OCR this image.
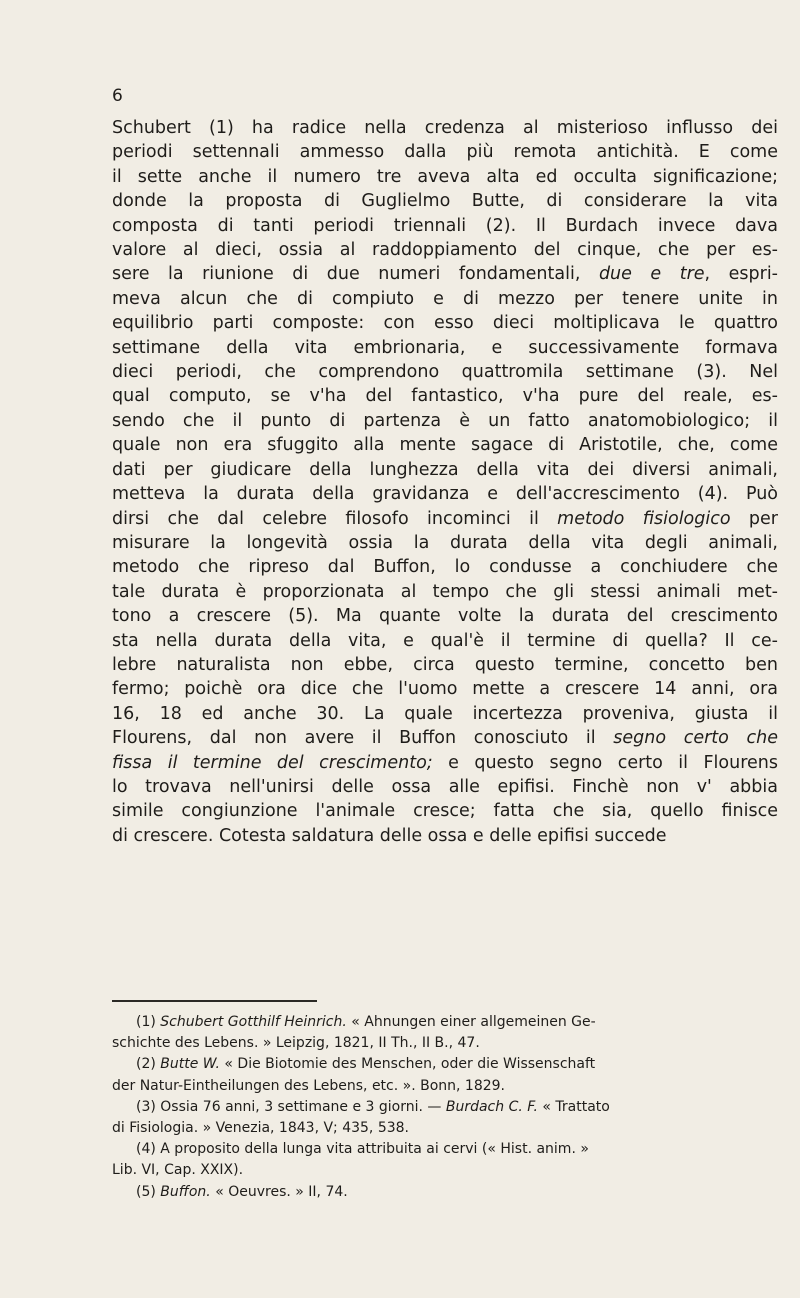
6
Schubert (1) ha radice nella credenza al misterioso influsso dei
periodi settennali ammesso dalla più remota antichità. E come
il sette anche il numero tre aveva alta ed occulta significazione;
donde la proposta di Guglielmo Butte, di considerare la vita
composta di tanti periodi triennali (2). Il Burdach invece dava
valore al dieci, ossia al raddoppiamento del cinque, che per es-
sere la riunione di due numeri fondamentali, due e tre, espri-
meva alcun che di compiuto e di mezzo per tenere unite in
equilibrio parti composte: con esso dieci moltiplicava le quattro
settimane della vita embrionaria, e successivamente formava
dieci periodi, che comprendono quattromila settimane (3). Nel
qual computo, se v'ha del fantastico, v'ha pure del reale, es-
sendo che il punto di partenza è un fatto anatomobiologico; il
quale non era sfuggito alla mente sagace di Aristotile, che, come
dati per giudicare della lunghezza della vita dei diversi animali,
metteva la durata della gravidanza e dell'accrescimento (4). Può
dirsi che dal celebre filosofo incominci il metodo fisiologico per
misurare la longevità ossia la durata della vita degli animali,
metodo che ripreso dal Buffon, lo condusse a conchiudere che
tale durata è proporzionata al tempo che gli stessi animali met-
tono a crescere (5). Ma quante volte la durata del crescimento
sta nella durata della vita, e qual'è il termine di quella? Il ce-
lebre naturalista non ebbe, circa questo termine, concetto ben
fermo; poichè ora dice che l'uomo mette a crescere 14 anni, ora
16, 18 ed anche 30. La quale incertezza proveniva, giusta il
Flourens, dal non avere il Buffon conosciuto il segno certo che
fissa il termine del crescimento; e questo segno certo il Flourens
lo trovava nell'unirsi delle ossa alle epifisi. Finchè non v' abbia
simile congiunzione l'animale cresce; fatta che sia, quello finisce
di crescere. Cotesta saldatura delle ossa e delle epifisi succede
(1) Schubert Gotthilf Heinrich. « Ahnungen einer allgemeinen Ge-
schichte des Lebens. » Leipzig, 1821, II Th., II B., 47.
(2) Butte W. « Die Biotomie des Menschen, oder die Wissenschaft
der Natur-Eintheilungen des Lebens, etc. ». Bonn, 1829.
(3) Ossia 76 anni, 3 settimane e 3 giorni. — Burdach C. F. « Trattato
di Fisiologia. » Venezia, 1843, V; 435, 538.
(4) A proposito della lunga vita attribuita ai cervi (« Hist. anim. »
Lib. VI, Cap. XXIX).
(5) Buffon. « Oeuvres. » II, 74.
